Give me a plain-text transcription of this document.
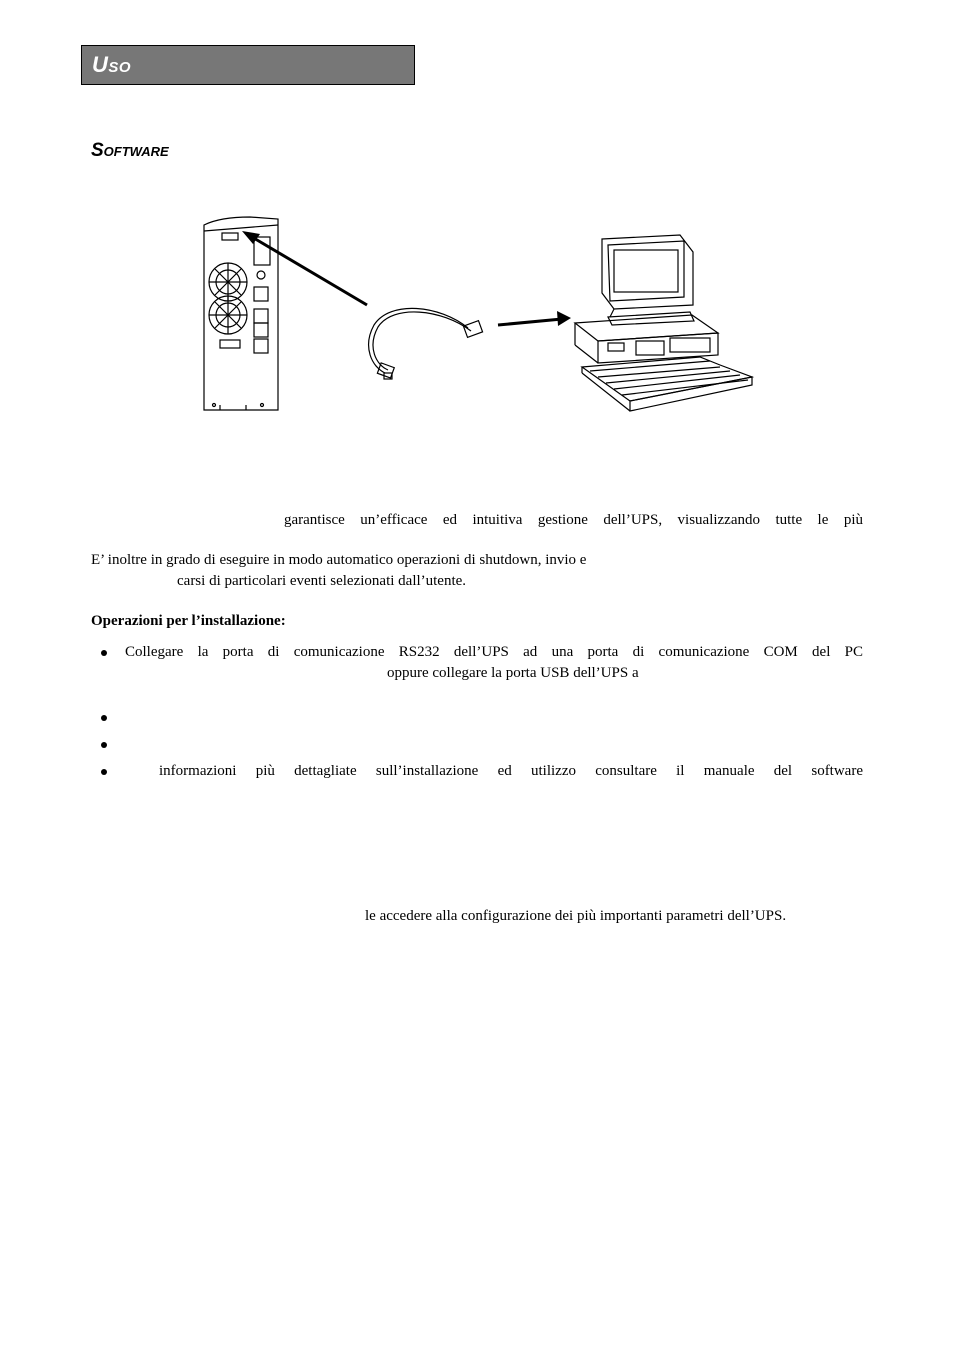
Uso
Software
garantisce un’efficace ed intuitiva gestione dell’UPS, visualizzando tutte le più
E’ inoltre in grado di eseguire in modo automatico operazioni di shutdown, invio e
carsi di particolari eventi selezionati dall’utente.
Operazioni per l’installazione:
Collegare la porta di comunicazione RS232 dell’UPS ad una porta di comunicazione COM del PC
oppure collegare la porta USB dell’UPS a
informazioni più dettagliate sull’installazione ed utilizzo consultare il manuale del software
le accedere alla configurazione dei più importanti parametri dell’UPS.
